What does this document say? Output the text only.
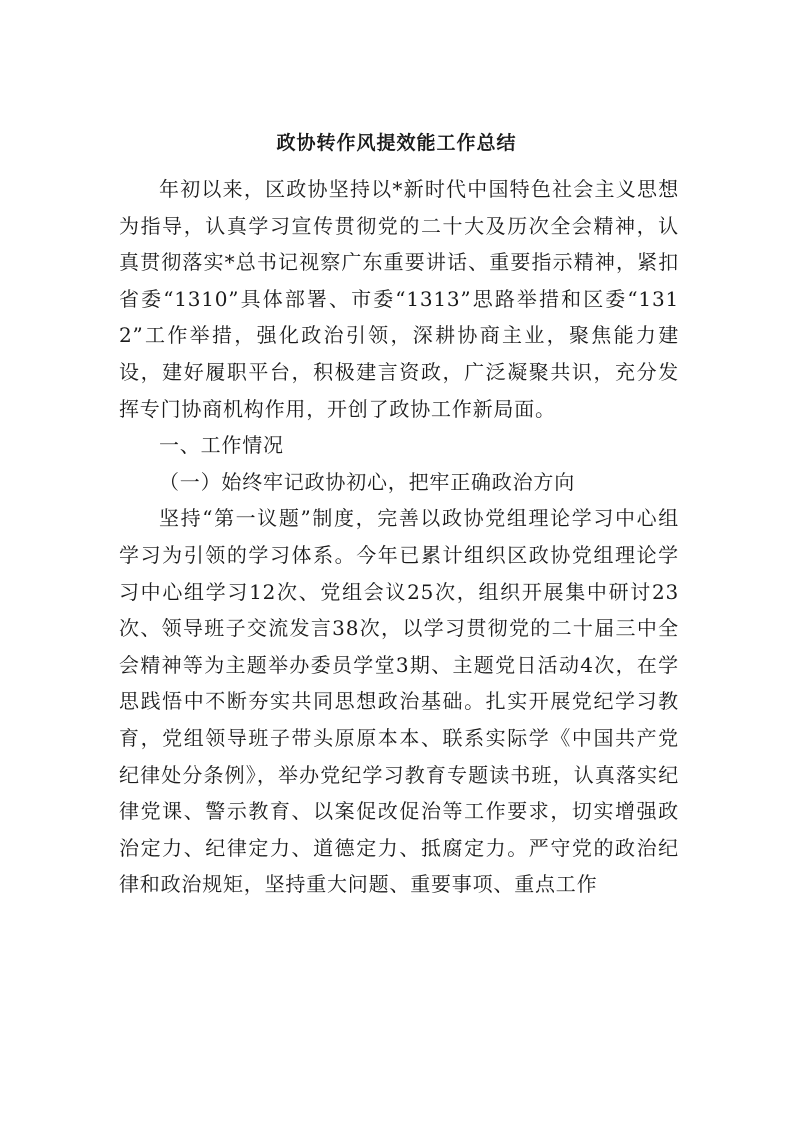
政协转作风提效能工作总结

年初以来，区政协坚持以*新时代中国特色社会主义思想为指导，认真学习宣传贯彻党的二十大及历次全会精神，认真贯彻落实*总书记视察广东重要讲话、重要指示精神，紧扣省委“1310”具体部署、市委“1313”思路举措和区委“1312”工作举措，强化政治引领，深耕协商主业，聚焦能力建设，建好履职平台，积极建言资政，广泛凝聚共识，充分发挥专门协商机构作用，开创了政协工作新局面。

一、工作情况

（一）始终牢记政协初心，把牢正确政治方向

坚持“第一议题”制度，完善以政协党组理论学习中心组学习为引领的学习体系。今年已累计组织区政协党组理论学习中心组学习12次、党组会议25次，组织开展集中研讨23次、领导班子交流发言38次，以学习贯彻党的二十届三中全会精神等为主题举办委员学堂3期、主题党日活动4次，在学思践悟中不断夯实共同思想政治基础。扎实开展党纪学习教育，党组领导班子带头原原本本、联系实际学《中国共产党纪律处分条例》，举办党纪学习教育专题读书班，认真落实纪律党课、警示教育、以案促改促治等工作要求，切实增强政治定力、纪律定力、道德定力、抵腐定力。严守党的政治纪律和政治规矩，坚持重大问题、重要事项、重点工作
